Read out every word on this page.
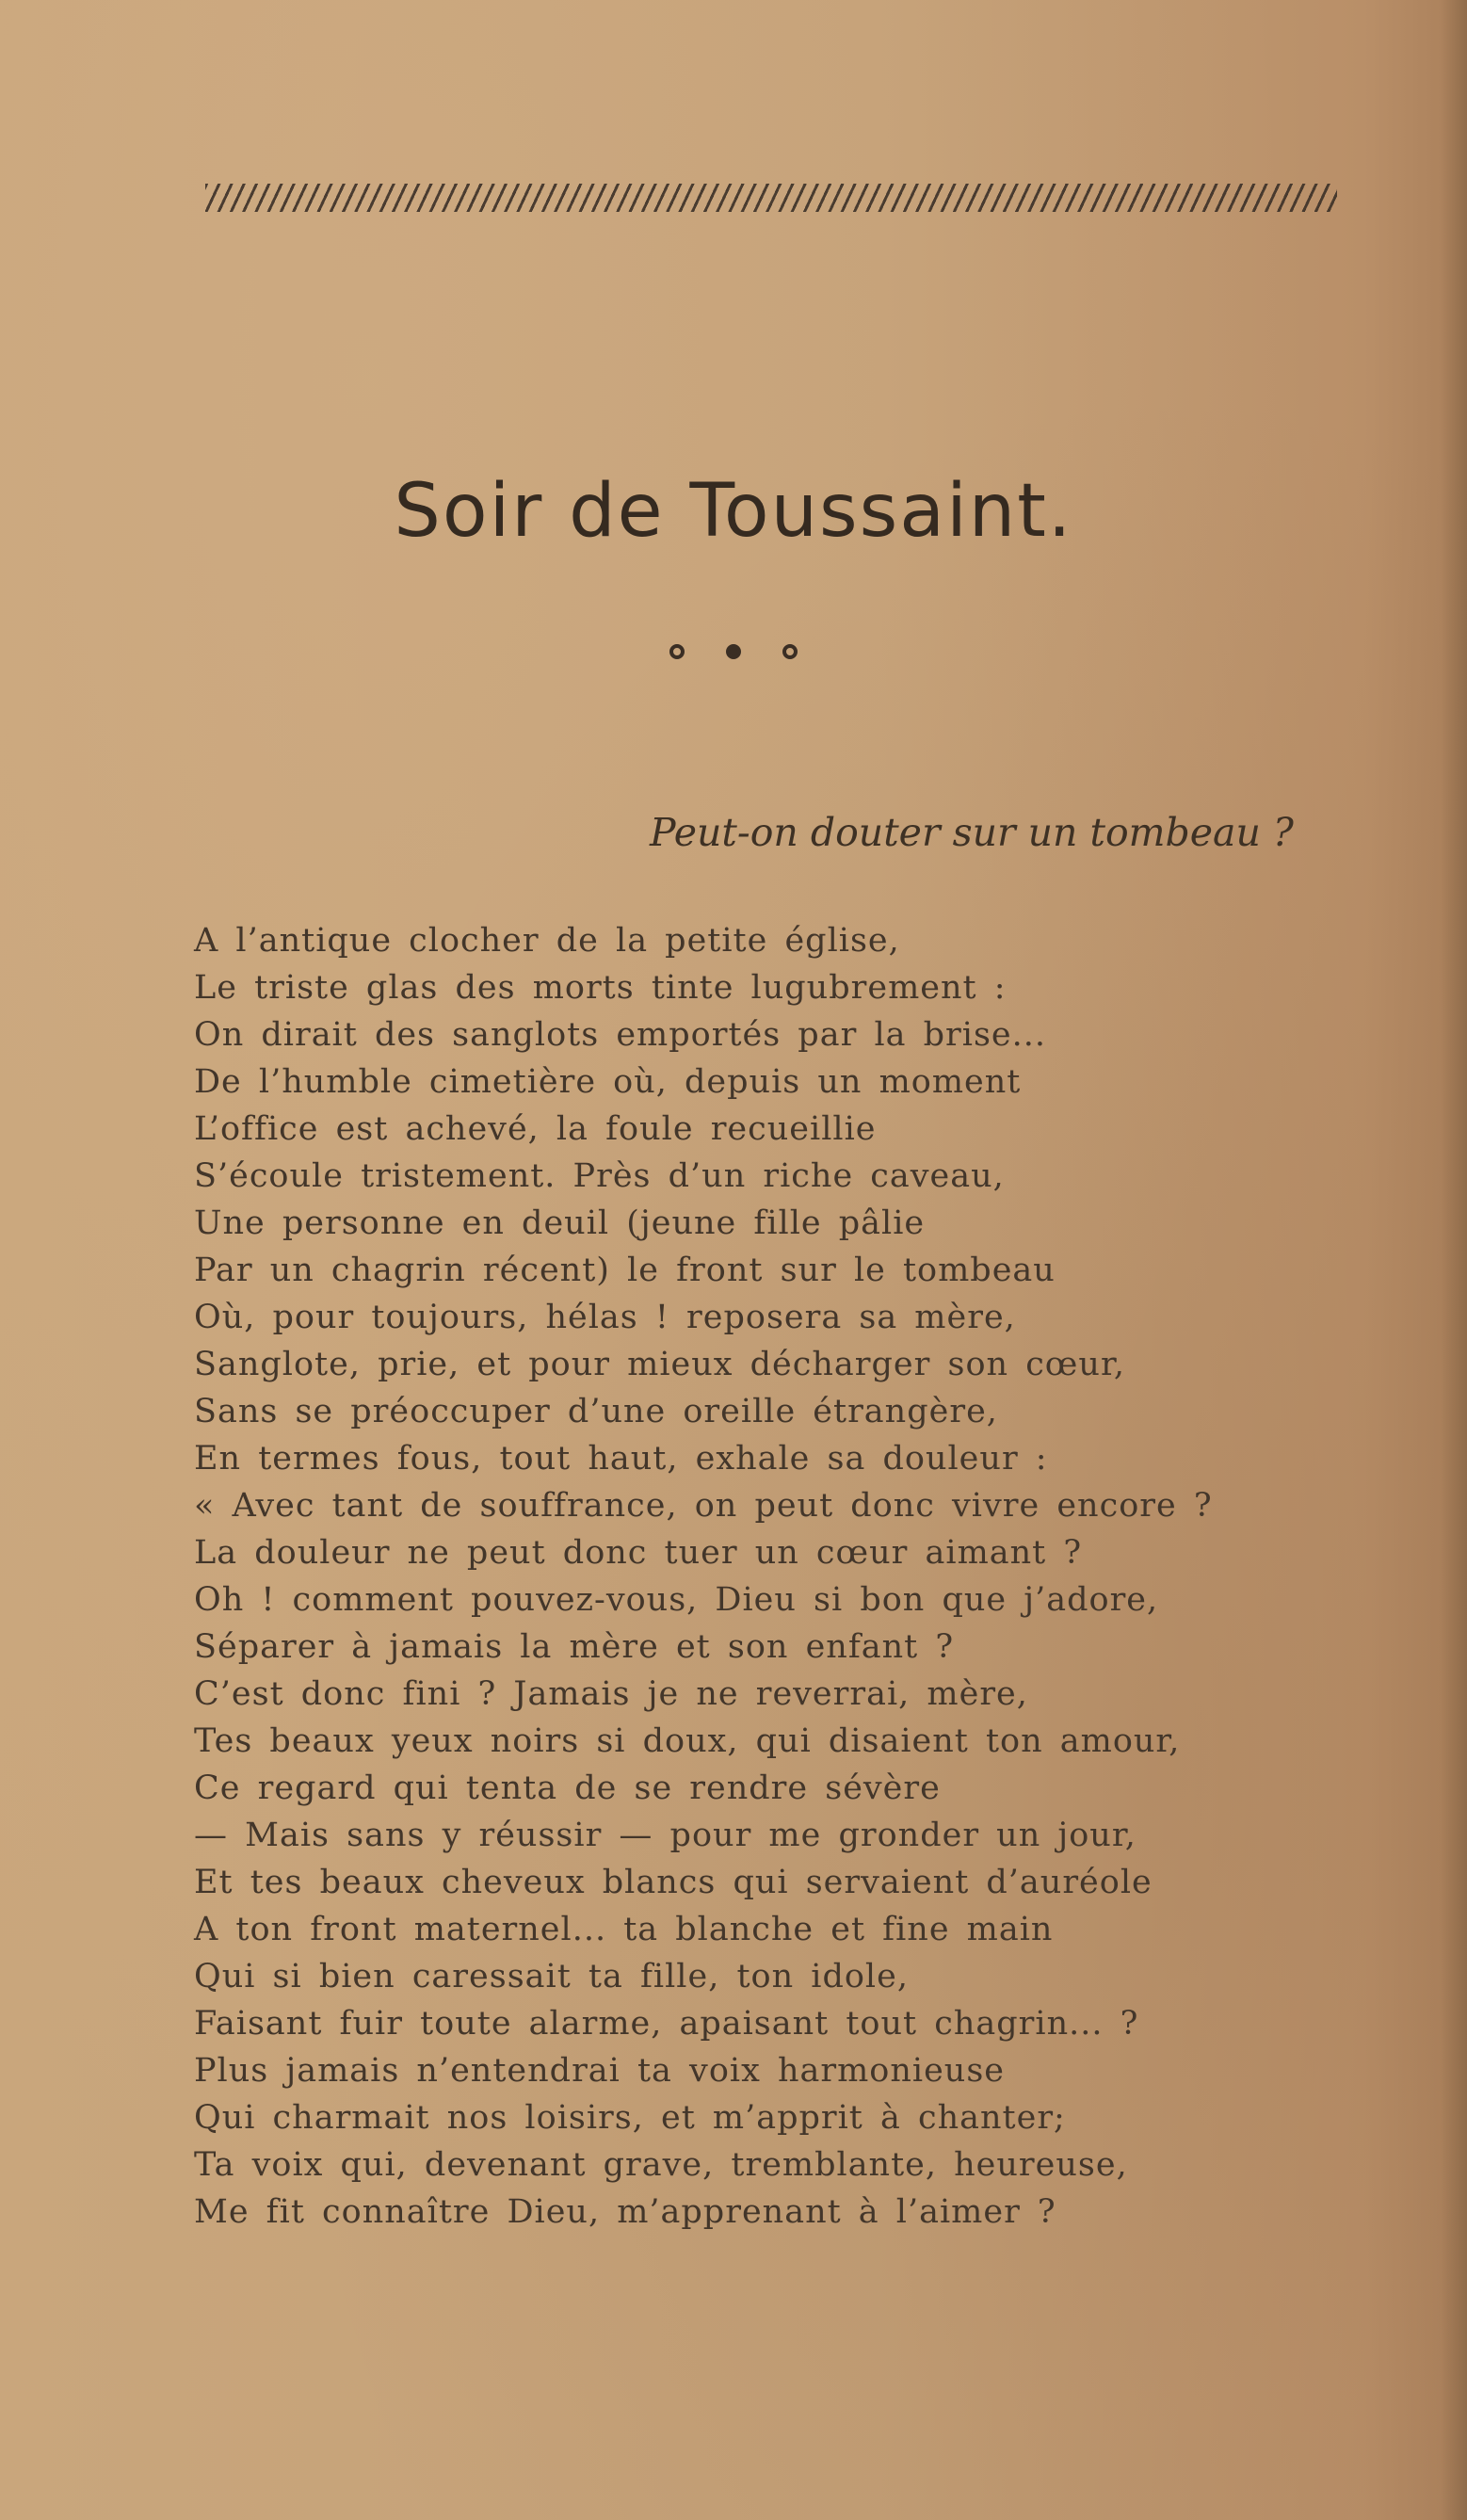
Soir de Toussaint.
Peut-on douter sur un tombeau ?
A l’antique clocher de la petite église,
Le triste glas des morts tinte lugubrement :
On dirait des sanglots emportés par la brise...
De l’humble cimetière où, depuis un moment
L’office est achevé, la foule recueillie
S’écoule tristement. Près d’un riche caveau,
Une personne en deuil (jeune fille pâlie
Par un chagrin récent) le front sur le tombeau
Où, pour toujours, hélas ! reposera sa mère,
Sanglote, prie, et pour mieux décharger son cœur,
Sans se préoccuper d’une oreille étrangère,
En termes fous, tout haut, exhale sa douleur :
« Avec tant de souffrance, on peut donc vivre encore ?
La douleur ne peut donc tuer un cœur aimant ?
Oh ! comment pouvez-vous, Dieu si bon que j’adore,
Séparer à jamais la mère et son enfant ?
C’est donc fini ? Jamais je ne reverrai, mère,
Tes beaux yeux noirs si doux, qui disaient ton amour,
Ce regard qui tenta de se rendre sévère
— Mais sans y réussir — pour me gronder un jour,
Et tes beaux cheveux blancs qui servaient d’auréole
A ton front maternel... ta blanche et fine main
Qui si bien caressait ta fille, ton idole,
Faisant fuir toute alarme, apaisant tout chagrin... ?
Plus jamais n’entendrai ta voix harmonieuse
Qui charmait nos loisirs, et m’apprit à chanter;
Ta voix qui, devenant grave, tremblante, heureuse,
Me fit connaître Dieu, m’apprenant à l’aimer ?
